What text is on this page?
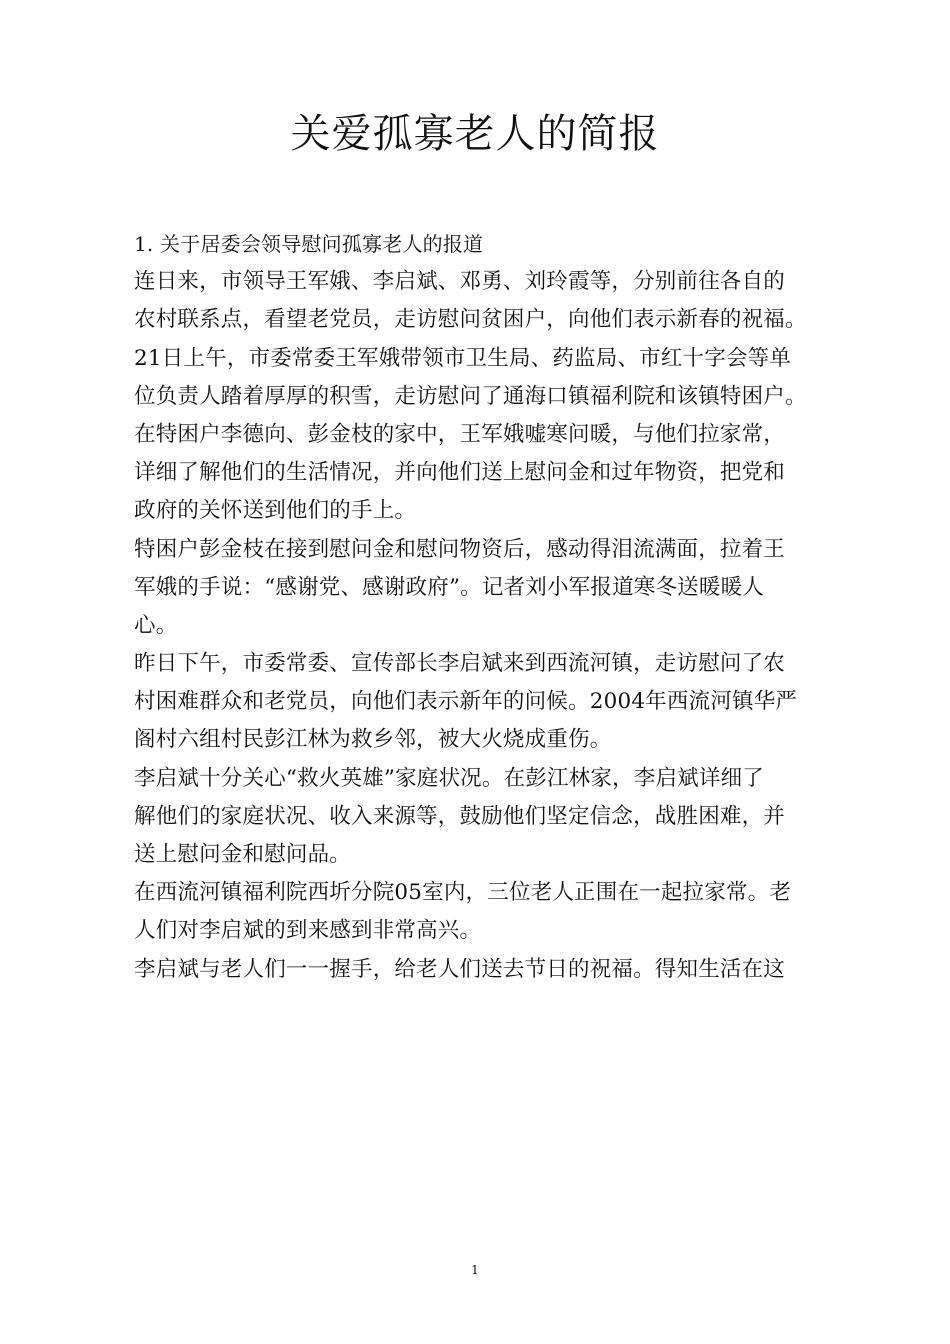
关爱孤寡老人的简报
1. 关于居委会领导慰问孤寡老人的报道
连日来，市领导王军娥、李启斌、邓勇、刘玲霞等，分别前往各自的
农村联系点，看望老党员，走访慰问贫困户，向他们表示新春的祝福。
21日上午，市委常委王军娥带领市卫生局、药监局、市红十字会等单
位负责人踏着厚厚的积雪，走访慰问了通海口镇福利院和该镇特困户。
在特困户李德向、彭金枝的家中，王军娥嘘寒问暖，与他们拉家常，
详细了解他们的生活情况，并向他们送上慰问金和过年物资，把党和
政府的关怀送到他们的手上。
特困户彭金枝在接到慰问金和慰问物资后，感动得泪流满面，拉着王
军娥的手说：“感谢党、感谢政府”。记者刘小军报道寒冬送暖暖人
心。
昨日下午，市委常委、宣传部长李启斌来到西流河镇，走访慰问了农
村困难群众和老党员，向他们表示新年的问候。2004年西流河镇华严
阁村六组村民彭江林为救乡邻，被大火烧成重伤。
李启斌十分关心“救火英雄”家庭状况。在彭江林家，李启斌详细了
解他们的家庭状况、收入来源等，鼓励他们坚定信念，战胜困难，并
送上慰问金和慰问品。
在西流河镇福利院西圻分院05室内，三位老人正围在一起拉家常。老
人们对李启斌的到来感到非常高兴。
李启斌与老人们一一握手，给老人们送去节日的祝福。得知生活在这
1
